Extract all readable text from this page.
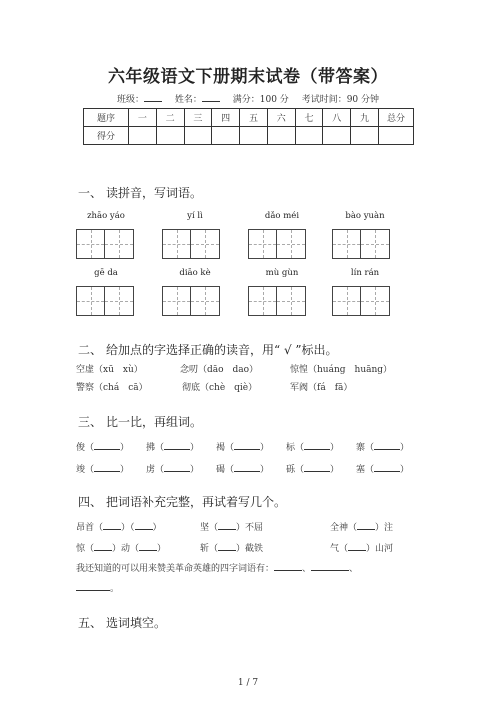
六年级语文下册期末试卷（带答案）
班级：	姓名：	满分：100 分 考试时间：90 分钟
题序	一	二	三	四	五	六	七	八	九	总分
得分										
一、 读拼音，写词语。
zhāo yáo	yí lì	dǎo méi	bào yuàn
gē da	diāo kè	mù gùn	lín rán
二、 给加点的字选择正确的读音，用“ √ ”标出。
空虚（xū　xù）	念叨（dāo　dao）	惊惶（huáng　huāng）
警察（chá　cā）	彻底（chè　qiè）	军阀（fá　fā）
三、 比一比，再组词。
俊（	） 拂（	） 褐（	） 标（	） 寨（	）
竣（	） 虏（	） 碣（	） 砾（	） 塞（	）
四、 把词语补充完整，再试着写几个。
昂首（ ）（ ）	坚（ ）不屈	全神（ ）注
惊（ ）动（ ）	斩（ ）截铁	气（ ）山河
我还知道的可以用来赞美革命英雄的四字词语有：	、	、
。
五、 选词填空。
1 / 7
